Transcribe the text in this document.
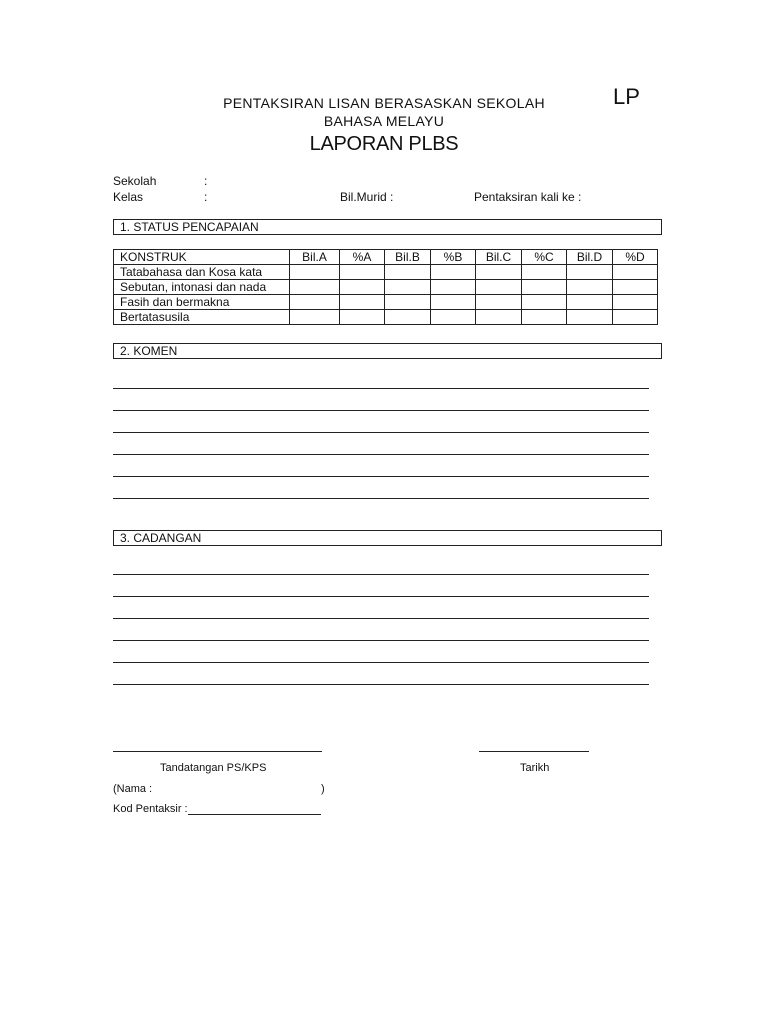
LP
PENTAKSIRAN LISAN BERASASKAN SEKOLAH
BAHASA MELAYU
LAPORAN PLBS
Sekolah	:
Kelas	:	Bil.Murid :	Pentaksiran kali ke :
1. STATUS PENCAPAIAN
KONSTRUK	Bil.A	%A	Bil.B	%B	Bil.C	%C	Bil.D	%D
Tatabahasa dan Kosa kata								
Sebutan, intonasi dan nada								
Fasih dan bermakna								
Bertatasusila								
2. KOMEN
3. CADANGAN
Tandatangan PS/KPS	Tarikh
(Nama :	)
Kod Pentaksir :
